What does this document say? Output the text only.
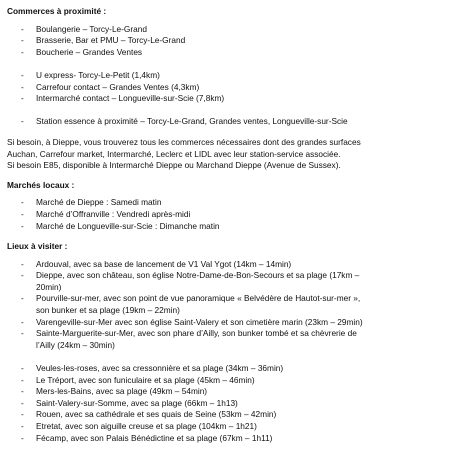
Commerces à proximité :
- Boulangerie – Torcy-Le-Grand
- Brasserie, Bar et PMU – Torcy-Le-Grand
- Boucherie – Grandes Ventes
- U express- Torcy-Le-Petit (1,4km)
- Carrefour contact – Grandes Ventes (4,3km)
- Intermarché contact – Longueville-sur-Scie (7,8km)
- Station essence à proximité – Torcy-Le-Grand, Grandes ventes, Longueville-sur-Scie

Si besoin, à Dieppe, vous trouverez tous les commerces nécessaires dont des grandes surfaces

Auchan, Carrefour market, Intermarché, Leclerc et LIDL avec leur station-service associée.

Si besoin E85, disponible à Intermarché Dieppe ou Marchand Dieppe (Avenue de Sussex).

Marchés locaux :
- Marché de Dieppe : Samedi matin
- Marché d’Offranville : Vendredi après-midi
- Marché de Longueville-sur-Scie : Dimanche matin
Lieux à visiter :
- Ardouval, avec sa base de lancement de V1 Val Ygot (14km – 14min)
- Dieppe, avec son château, son église Notre-Dame-de-Bon-Secours et sa plage (17km –
20min)
- Pourville-sur-mer, avec son point de vue panoramique « Belvédère de Hautot-sur-mer »,
son bunker et sa plage (19km – 22min)
- Varengeville-sur-Mer avec son église Saint-Valery et son cimetière marin (23km – 29min)
- Sainte-Marguerite-sur-Mer, avec son phare d’Ailly, son bunker tombé et sa chèvrerie de
l’Ailly (24km – 30min)
- Veules-les-roses, avec sa cressonnière et sa plage (34km – 36min)
- Le Tréport, avec son funiculaire et sa plage (45km – 46min)
- Mers-les-Bains, avec sa plage (49km – 54min)
- Saint-Valery-sur-Somme, avec sa plage (66km – 1h13)
- Rouen, avec sa cathédrale et ses quais de Seine (53km – 42min)
- Etretat, avec son aiguille creuse et sa plage (104km – 1h21)
- Fécamp, avec son Palais Bénédictine et sa plage (67km – 1h11)
